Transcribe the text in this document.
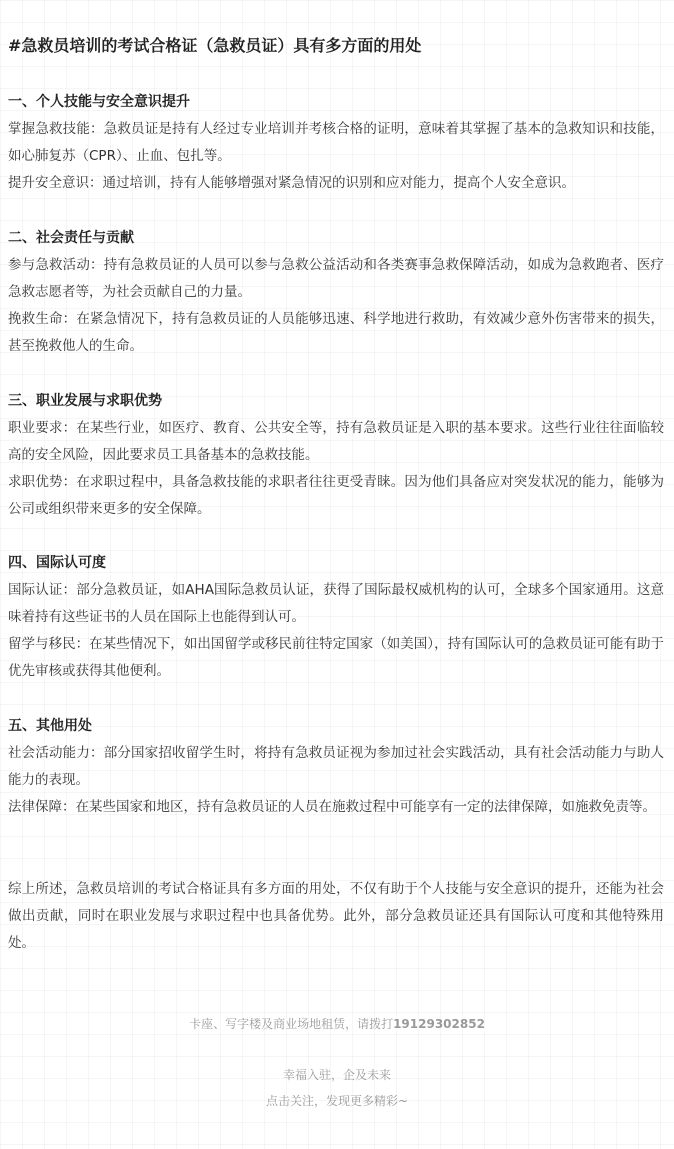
#急救员培训的考试合格证（急救员证）具有多方面的用处
一、个人技能与安全意识提升
掌握急救技能：急救员证是持有人经过专业培训并考核合格的证明，意味着其掌握了基本的急救知识和技能，如心肺复苏（CPR）、止血、包扎等。
提升安全意识：通过培训，持有人能够增强对紧急情况的识别和应对能力，提高个人安全意识。
二、社会责任与贡献
参与急救活动：持有急救员证的人员可以参与急救公益活动和各类赛事急救保障活动，如成为急救跑者、医疗急救志愿者等，为社会贡献自己的力量。
挽救生命：在紧急情况下，持有急救员证的人员能够迅速、科学地进行救助，有效减少意外伤害带来的损失，甚至挽救他人的生命。
三、职业发展与求职优势
职业要求：在某些行业，如医疗、教育、公共安全等，持有急救员证是入职的基本要求。这些行业往往面临较高的安全风险，因此要求员工具备基本的急救技能。
求职优势：在求职过程中，具备急救技能的求职者往往更受青睐。因为他们具备应对突发状况的能力，能够为公司或组织带来更多的安全保障。
四、国际认可度
国际认证：部分急救员证，如AHA国际急救员认证，获得了国际最权威机构的认可，全球多个国家通用。这意味着持有这些证书的人员在国际上也能得到认可。
留学与移民：在某些情况下，如出国留学或移民前往特定国家（如美国），持有国际认可的急救员证可能有助于优先审核或获得其他便利。
五、其他用处
社会活动能力：部分国家招收留学生时，将持有急救员证视为参加过社会实践活动，具有社会活动能力与助人能力的表现。
法律保障：在某些国家和地区，持有急救员证的人员在施救过程中可能享有一定的法律保障，如施救免责等。
综上所述，急救员培训的考试合格证具有多方面的用处，不仅有助于个人技能与安全意识的提升，还能为社会做出贡献，同时在职业发展与求职过程中也具备优势。此外，部分急救员证还具有国际认可度和其他特殊用处。
卡座、写字楼及商业场地租赁，请拨打19129302852
幸福入驻，企及未来
点击关注，发现更多精彩~
